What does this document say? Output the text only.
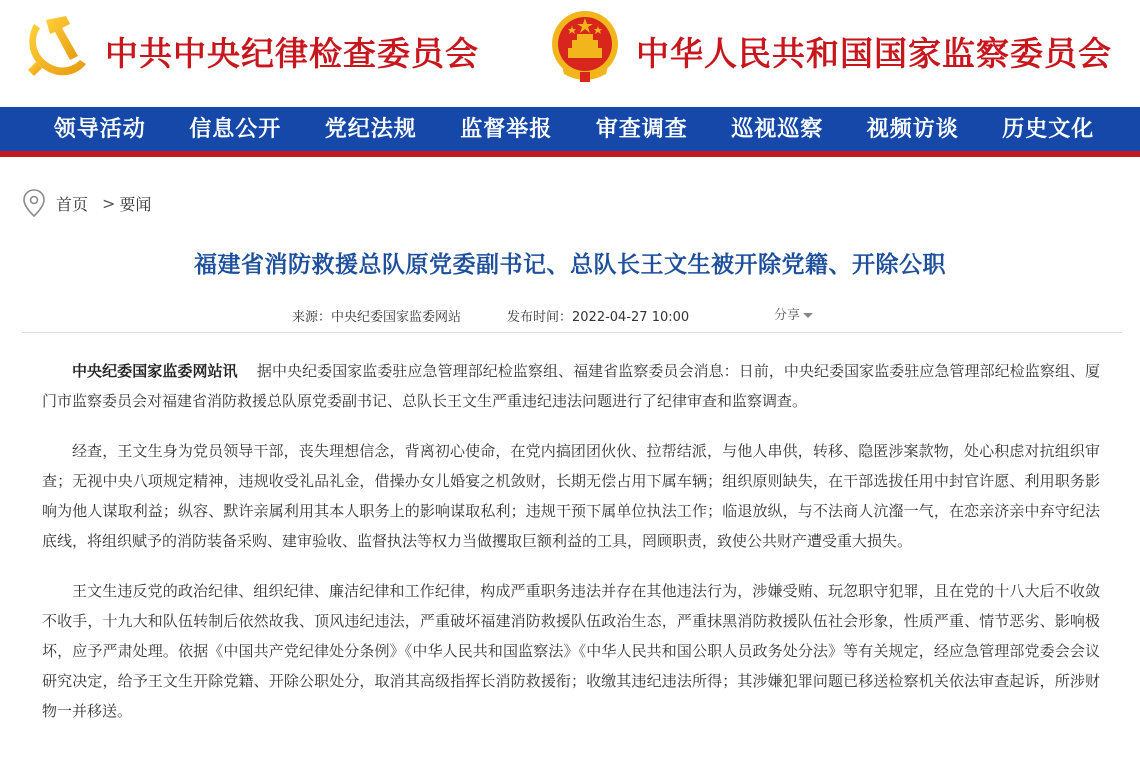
中共中央纪律检查委员会	中华人民共和国国家监察委员会
领导活动	信息公开	党纪法规	监督举报	审查调查	巡视巡察	视频访谈	历史文化
首页 > 要闻
福建省消防救援总队原党委副书记、总队长王文生被开除党籍、开除公职
来源：中央纪委国家监委网站	发布时间：2022-04-27 10:00	分享

中央纪委国家监委网站讯 据中央纪委国家监委驻应急管理部纪检监察组、福建省监察委员会消息：日前，中央纪委国家监委驻应急管理部纪检监察组、厦门市监察委员会对福建省消防救援总队原党委副书记、总队长王文生严重违纪违法问题进行了纪律审查和监察调查。

经查，王文生身为党员领导干部，丧失理想信念，背离初心使命，在党内搞团团伙伙、拉帮结派，与他人串供，转移、隐匿涉案款物，处心积虑对抗组织审查；无视中央八项规定精神，违规收受礼品礼金，借操办女儿婚宴之机敛财，长期无偿占用下属车辆；组织原则缺失，在干部选拔任用中封官许愿、利用职务影响为他人谋取利益；纵容、默许亲属利用其本人职务上的影响谋取私利；违规干预下属单位执法工作；临退放纵，与不法商人沆瀣一气，在恋亲济亲中弃守纪法底线，将组织赋予的消防装备采购、建审验收、监督执法等权力当做攫取巨额利益的工具，罔顾职责，致使公共财产遭受重大损失。

王文生违反党的政治纪律、组织纪律、廉洁纪律和工作纪律，构成严重职务违法并存在其他违法行为，涉嫌受贿、玩忽职守犯罪，且在党的十八大后不收敛不收手，十九大和队伍转制后依然故我、顶风违纪违法，严重破坏福建消防救援队伍政治生态，严重抹黑消防救援队伍社会形象，性质严重、情节恶劣、影响极坏，应予严肃处理。依据《中国共产党纪律处分条例》《中华人民共和国监察法》《中华人民共和国公职人员政务处分法》等有关规定，经应急管理部党委会会议研究决定，给予王文生开除党籍、开除公职处分，取消其高级指挥长消防救援衔；收缴其违纪违法所得；其涉嫌犯罪问题已移送检察机关依法审查起诉，所涉财物一并移送。
